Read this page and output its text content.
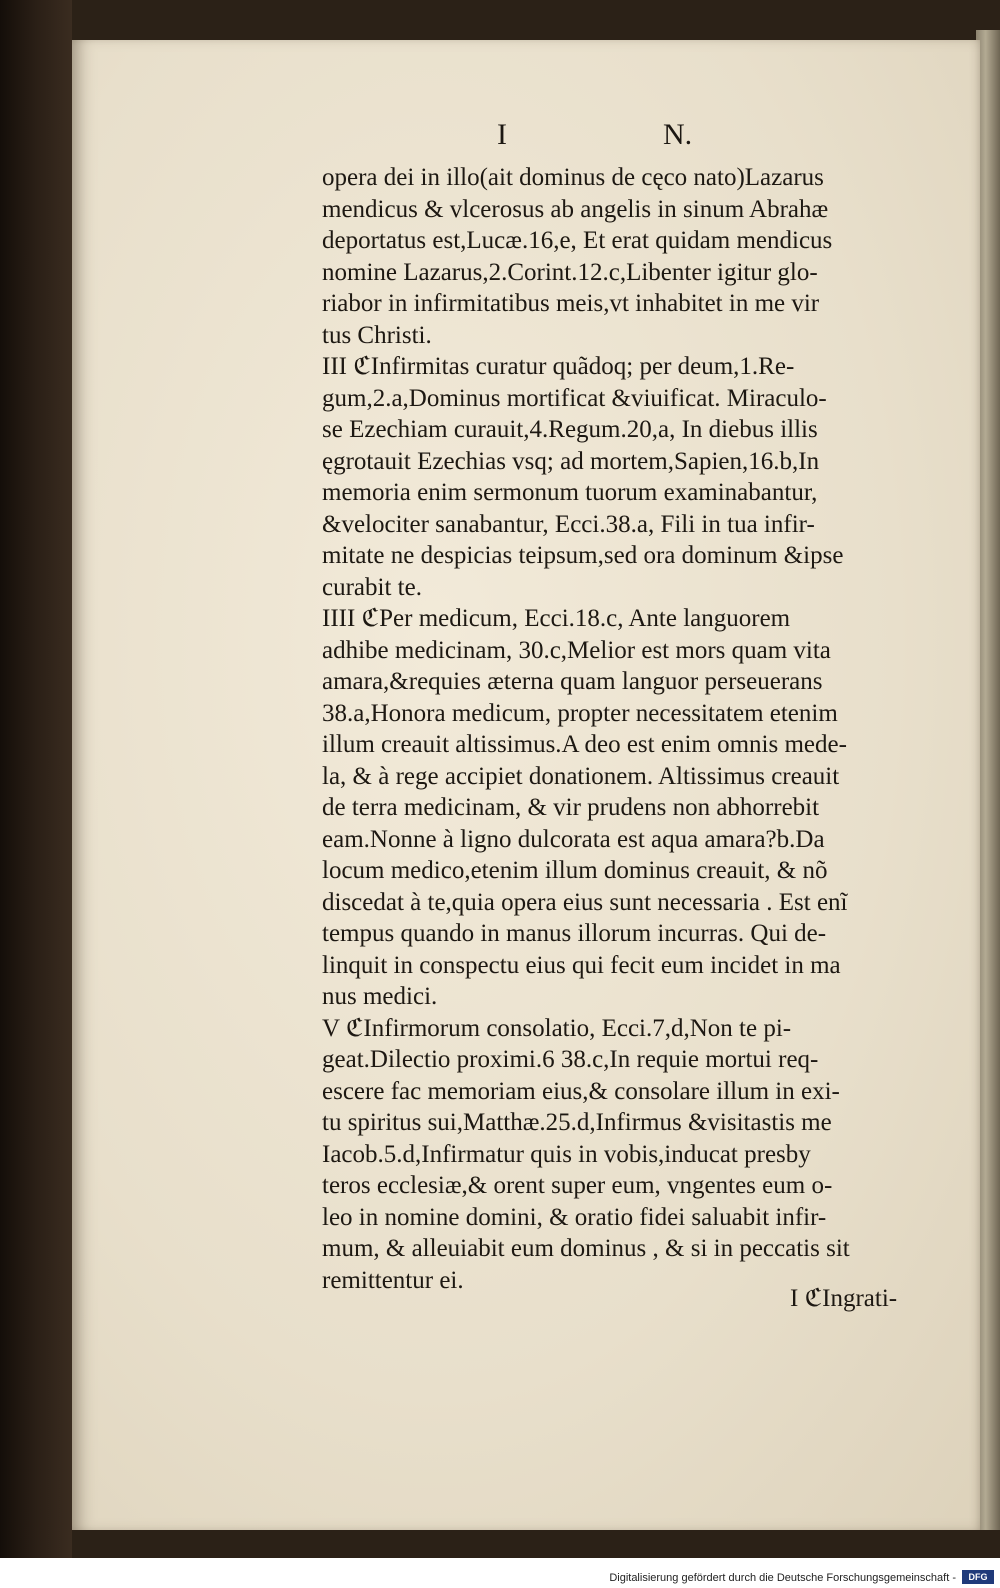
I	N.
opera dei in illo(ait dominus de cęco nato)Lazarus
mendicus & vlcerosus ab angelis in sinum Abrahæ
deportatus est,Lucæ.16,e, Et erat quidam mendicus
nomine Lazarus,2.Corint.12.c,Libenter igitur glo-
riabor in infirmitatibus meis,vt inhabitet in me vir
tus Christi.
III ℭInfirmitas curatur quãdoq; per deum,1.Re-
gum,2.a,Dominus mortificat &viuificat. Miraculo-
se Ezechiam curauit,4.Regum.20,a, In diebus illis
ęgrotauit Ezechias vsq; ad mortem,Sapien,16.b,In
memoria enim sermonum tuorum examinabantur,
&velociter sanabantur, Ecci.38.a, Fili in tua infir-
mitate ne despicias teipsum,sed ora dominum &ipse
curabit te.
IIII ℭPer medicum, Ecci.18.c, Ante languorem
adhibe medicinam, 30.c,Melior est mors quam vita
amara,&requies æterna quam languor perseuerans
38.a,Honora medicum, propter necessitatem etenim
illum creauit altissimus.A deo est enim omnis mede-
la, & à rege accipiet donationem. Altissimus creauit
de terra medicinam, & vir prudens non abhorrebit
eam.Nonne à ligno dulcorata est aqua amara?b.Da
locum medico,etenim illum dominus creauit, & nõ
discedat à te,quia opera eius sunt necessaria . Est enĩ
tempus quando in manus illorum incurras. Qui de-
linquit in conspectu eius qui fecit eum incidet in ma
nus medici.
V ℭInfirmorum consolatio, Ecci.7,d,Non te pi-
geat.Dilectio proximi.6 38.c,In requie mortui req-
escere fac memoriam eius,& consolare illum in exi-
tu spiritus sui,Matthæ.25.d,Infirmus &visitastis me
Iacob.5.d,Infirmatur quis in vobis,inducat presby
teros ecclesiæ,& orent super eum, vngentes eum o-
leo in nomine domini, & oratio fidei saluabit infir-
mum, & alleuiabit eum dominus , & si in peccatis sit
remittentur ei.
I ℭIngrati-
Digitalisierung gefördert durch die Deutsche Forschungsgemeinschaft -	DFG
